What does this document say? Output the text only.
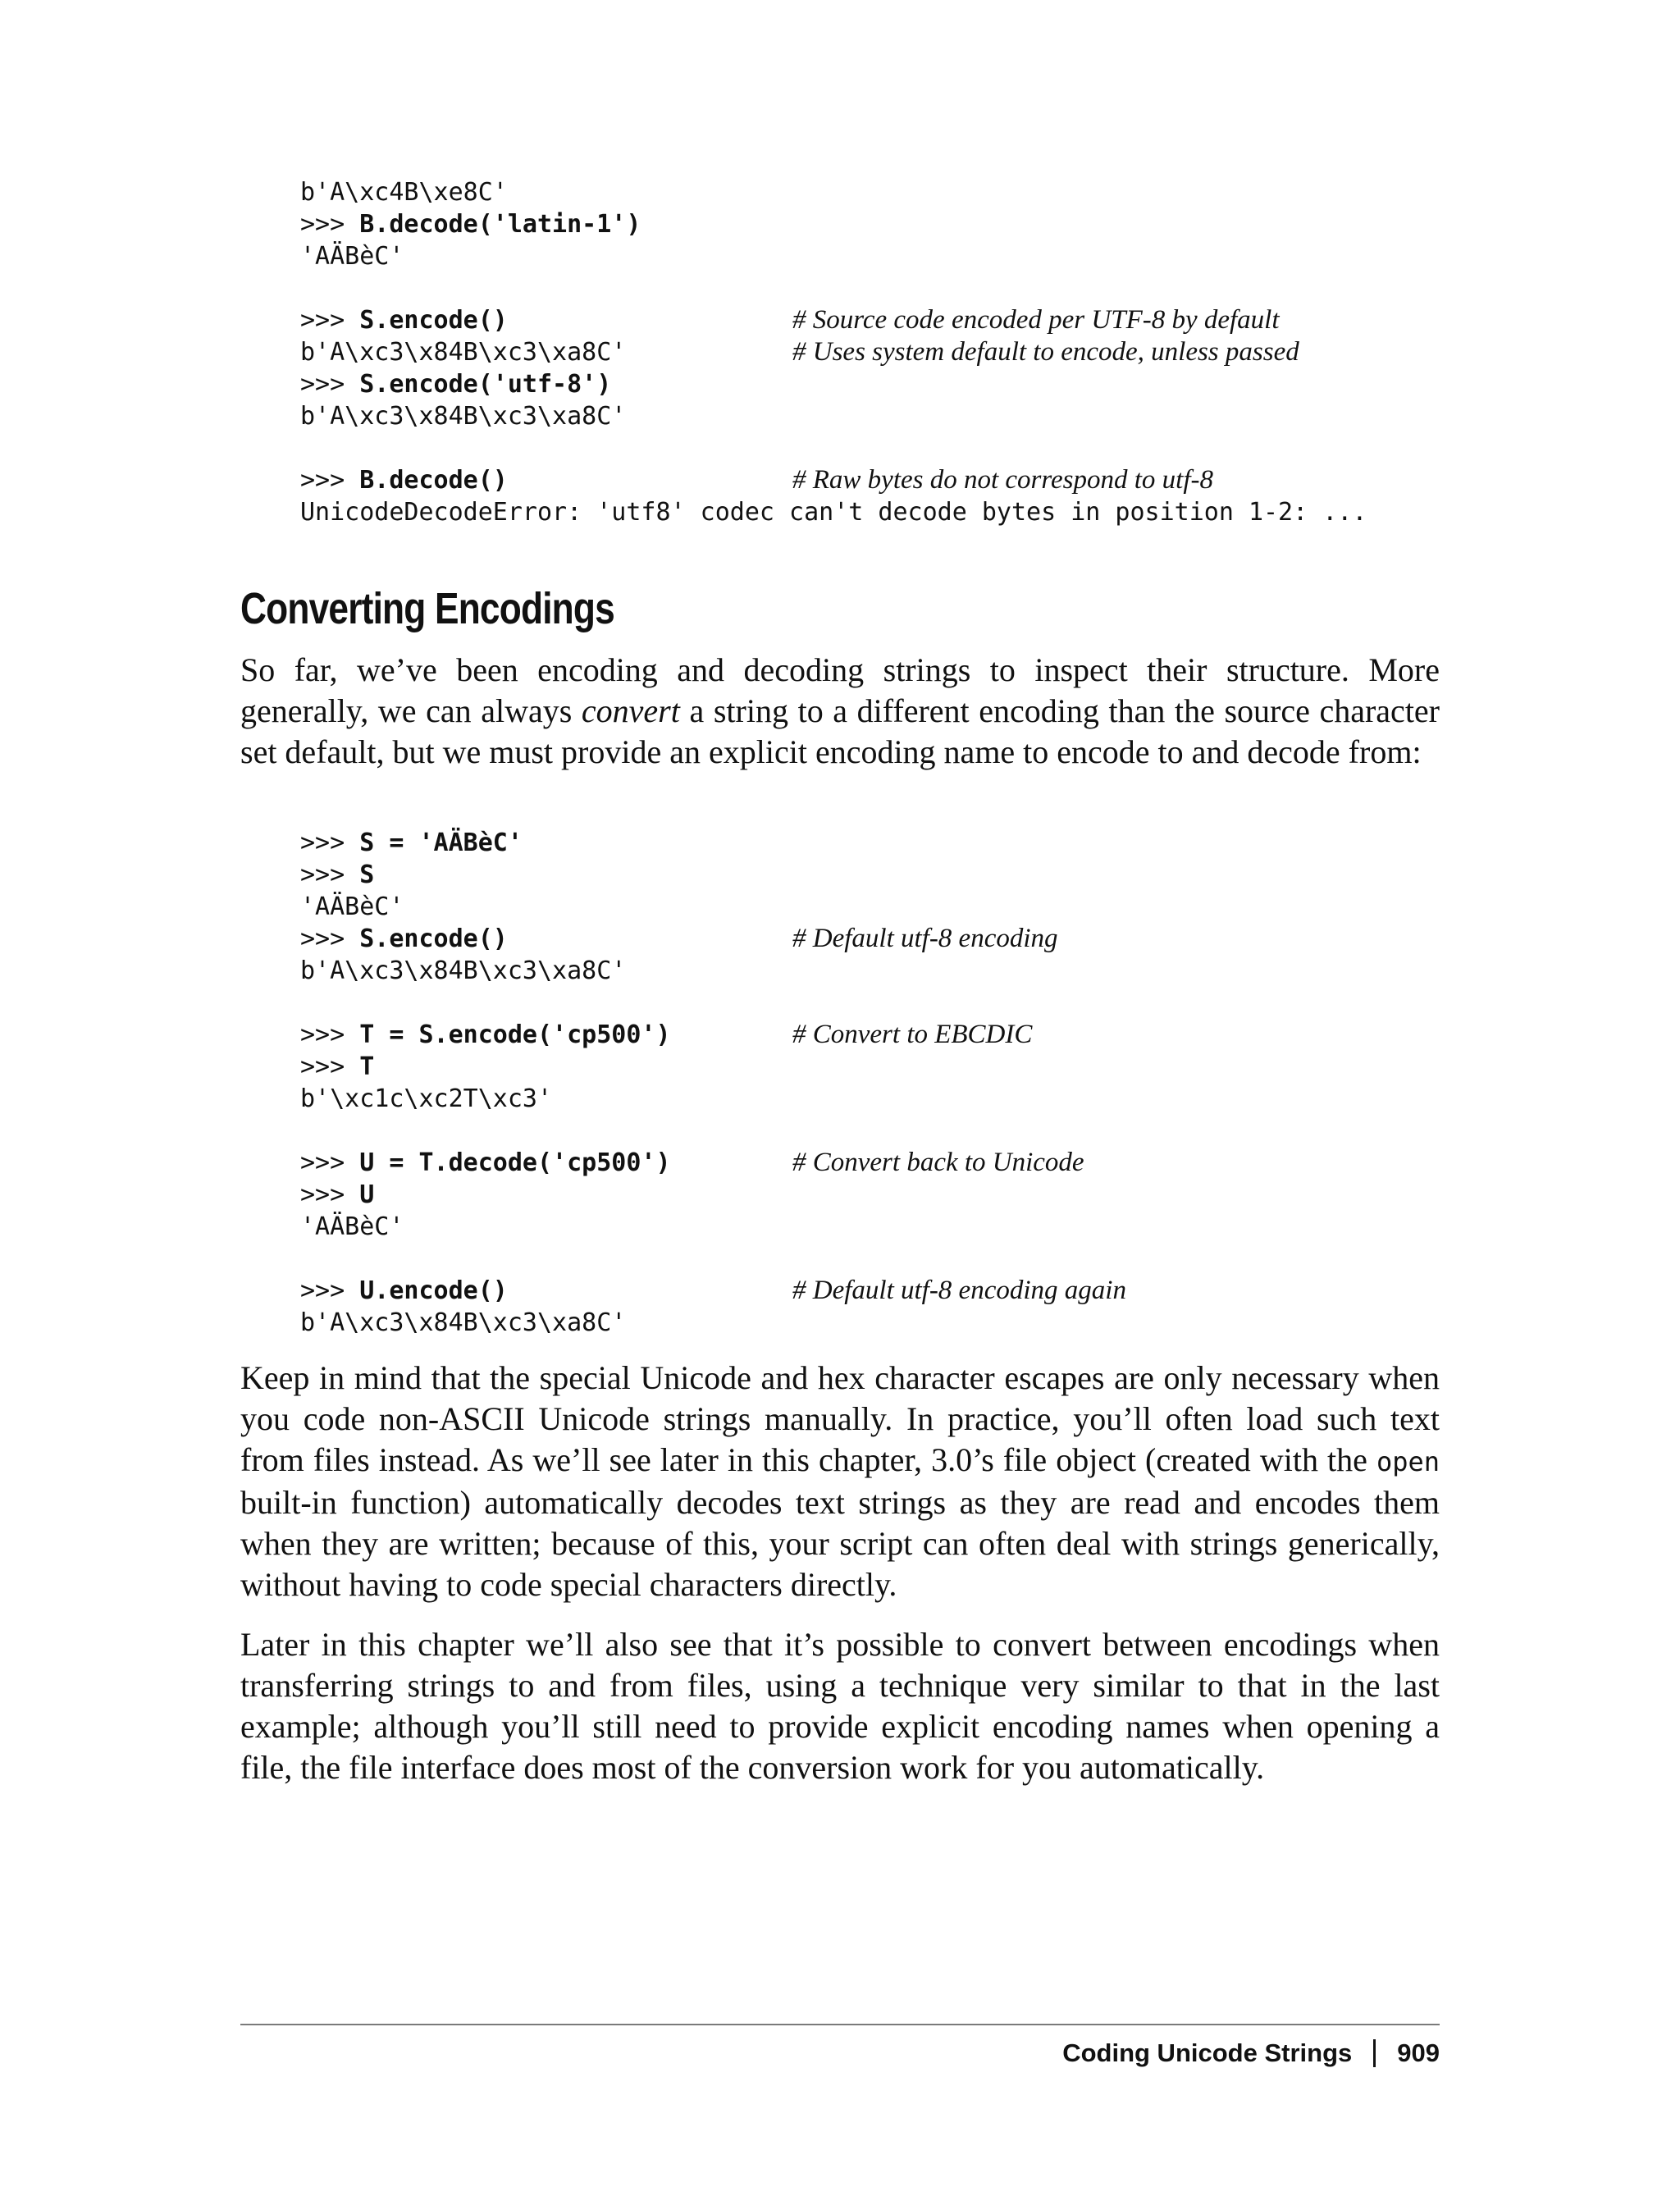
b'A\xc4B\xe8C'
>>> B.decode('latin-1')
'AÄBèC'
>>> S.encode()	# Source code encoded per UTF-8 by default
b'A\xc3\x84B\xc3\xa8C'	# Uses system default to encode, unless passed
>>> S.encode('utf-8')
b'A\xc3\x84B\xc3\xa8C'
>>> B.decode()	# Raw bytes do not correspond to utf-8
UnicodeDecodeError: 'utf8' codec can't decode bytes in position 1-2: ...
Converting Encodings

So far, we’ve been encoding and decoding strings to inspect their structure. More generally, we can always convert a string to a different encoding than the source character set default, but we must provide an explicit encoding name to encode to and decode from:

>>> S = 'AÄBèC'
>>> S
'AÄBèC'
>>> S.encode()	# Default utf-8 encoding
b'A\xc3\x84B\xc3\xa8C'
>>> T = S.encode('cp500')	# Convert to EBCDIC
>>> T
b'\xc1c\xc2T\xc3'
>>> U = T.decode('cp500')	# Convert back to Unicode
>>> U
'AÄBèC'
>>> U.encode()	# Default utf-8 encoding again
b'A\xc3\x84B\xc3\xa8C'

Keep in mind that the special Unicode and hex character escapes are only necessary when you code non-ASCII Unicode strings manually. In practice, you’ll often load such text from files instead. As we’ll see later in this chapter, 3.0’s file object (created with the open built-in function) automatically decodes text strings as they are read and encodes them when they are written; because of this, your script can often deal with strings generically, without having to code special characters directly.

Later in this chapter we’ll also see that it’s possible to convert between encodings when transferring strings to and from files, using a technique very similar to that in the last example; although you’ll still need to provide explicit encoding names when opening a file, the file interface does most of the conversion work for you automatically.

Coding Unicode Strings 909
